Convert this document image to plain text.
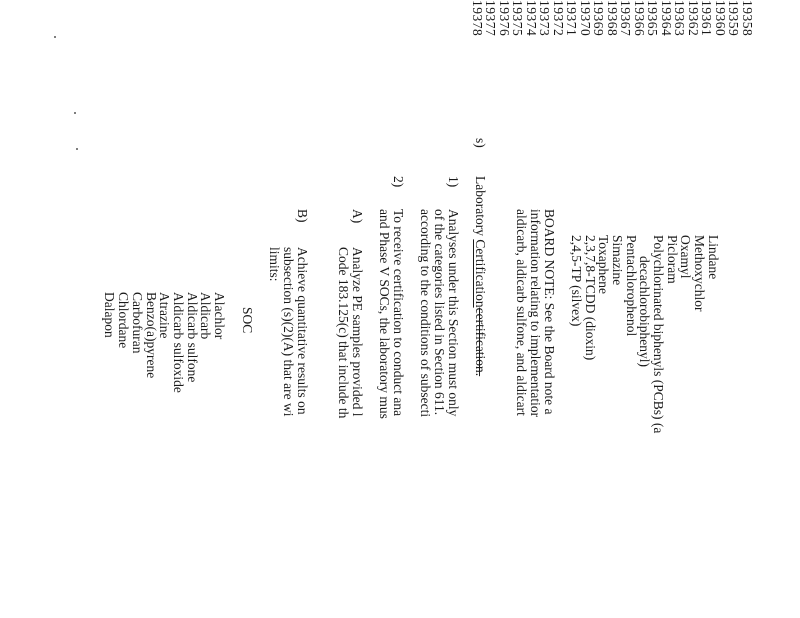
19358
19359
19360
19361
19362
19363
19364
19365
19366
19367
19368
19369
19370
19371
19372
19373
19374
19375
19376
19377
19378
Lindane
Methoxychlor
Oxamyl
Picloram
Polychlorinated biphenyls (PCBs) (a
decachlorobiphenyl)
Pentachlorophenol
Simazine
Toxaphene
2,3,7,8-TCDD (dioxin)
2,4,5-TP (silvex)
BOARD NOTE: See the Board note a
information relating to implementatior
aldicarb, aldicarb sulfone, and aldicart
s)
Laboratory Certificationcertification.
1)
Analyses under this Section must only
of the categories listed in Section 611.
according to the conditions of subsecti
2)
To receive certification to conduct ana
and Phase V SOCs, the laboratory mus
A)
Analyze PE samples provided l
Code 183.125(c) that include th
B)
Achieve quantitative results on
subsection (s)(2)(A) that are wi
limits:
SOC
Alachlor
Aldicarb
Aldicarb sulfone
Aldicarb sulfoxide
Atrazine
Benzo(a)pyrene
Carbofuran
Chlordane
Dalapon
